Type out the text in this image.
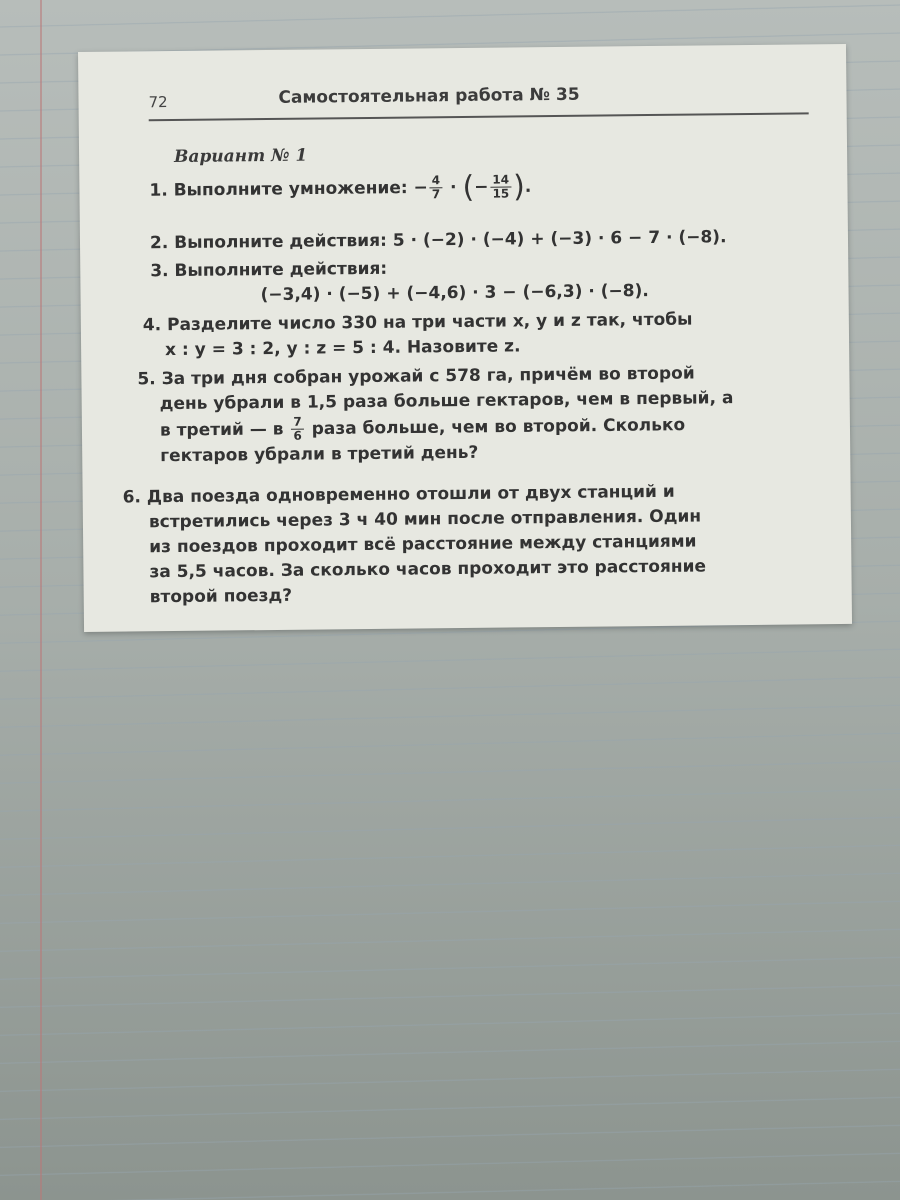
72	Самостоятельная работа № 35
Вариант № 1
1. Выполните умножение: − $\frac{4}{7}$ · (− $\frac{14}{15}$ ).
2. Выполните действия: 5 · (−2) · (−4) + (−3) · 6 − 7 · (−8).
3. Выполните действия:
(−3,4) · (−5) + (−4,6) · 3 − (−6,3) · (−8).
4. Разделите число 330 на три части x, y и z так, чтобы
x : y = 3 : 2, y : z = 5 : 4. Назовите z.
5. За три дня собран урожай с 578 га, причём во второй
день убрали в 1,5 раза больше гектаров, чем в первый, а
в третий — в $\frac{7}{6}$ раза больше, чем во второй. Сколько
гектаров убрали в третий день?
6. Два поезда одновременно отошли от двух станций и
встретились через 3 ч 40 мин после отправления. Один
из поездов проходит всё расстояние между станциями
за 5,5 часов. За сколько часов проходит это расстояние
второй поезд?
